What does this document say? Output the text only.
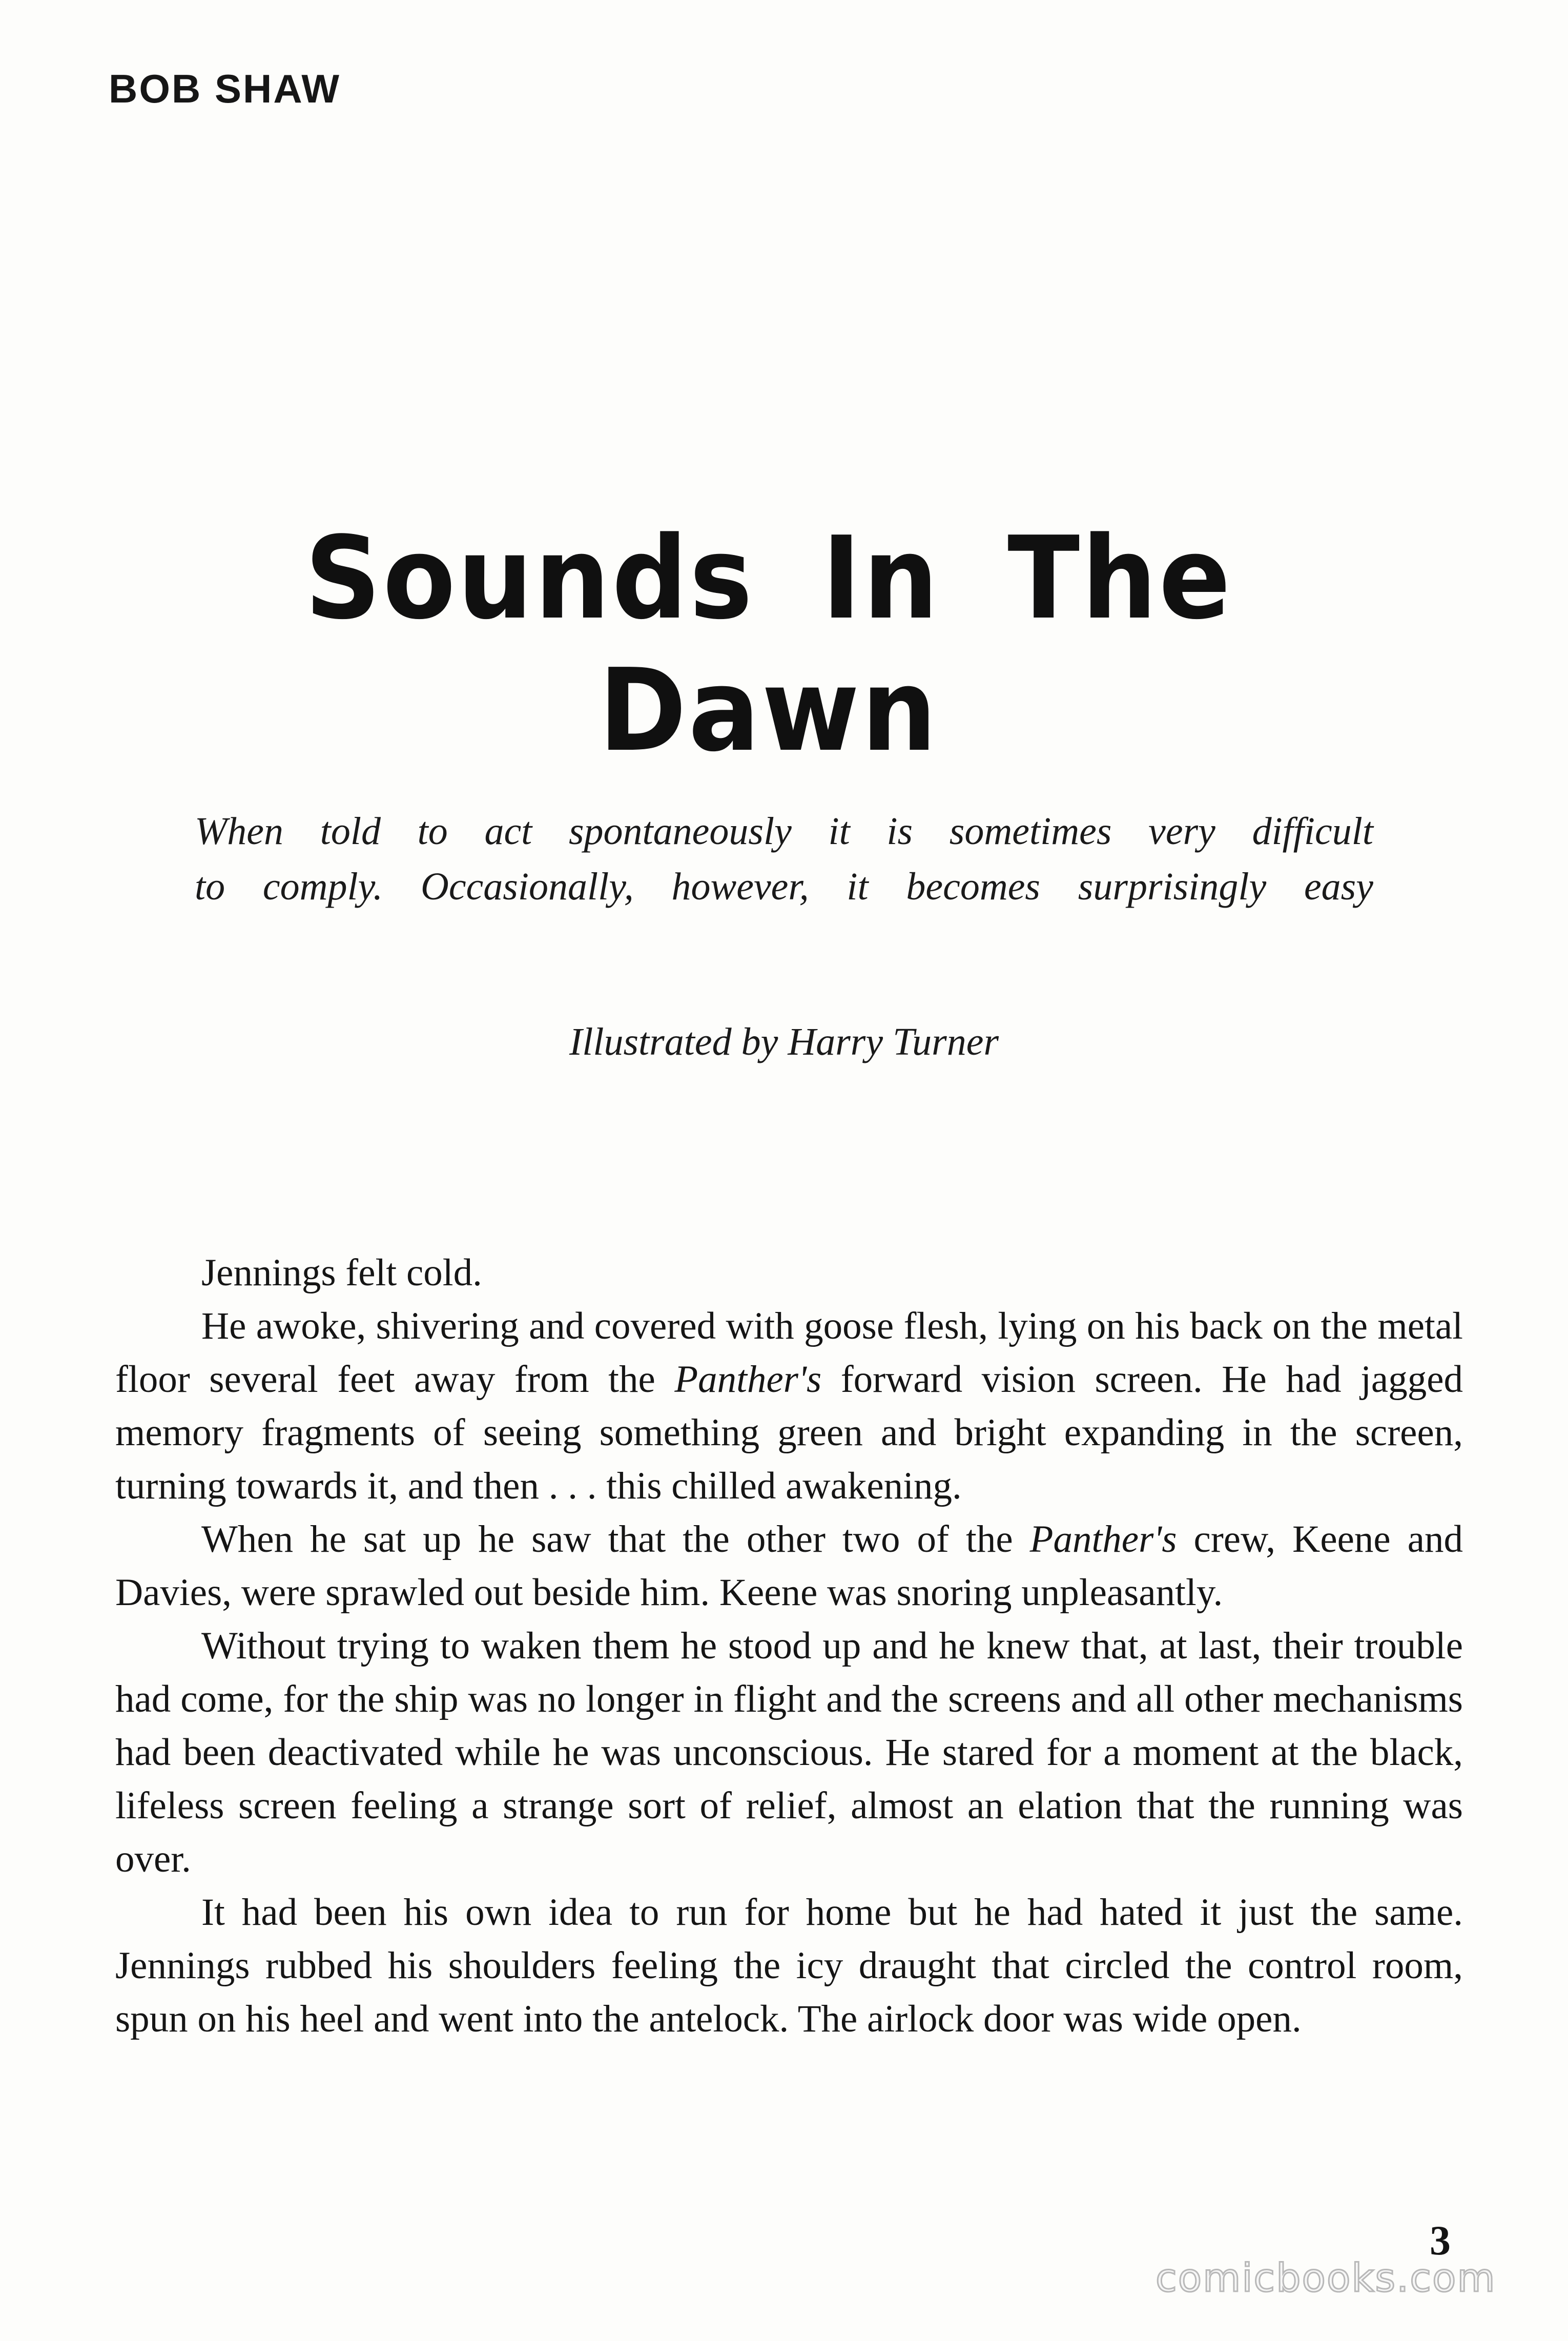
BOB SHAW
Sounds In The Dawn
When told to act spontaneously it is sometimes very difficult
to comply. Occasionally, however, it becomes surprisingly easy
Illustrated by Harry Turner

Jennings felt cold.

He awoke, shivering and covered with goose flesh, lying on his back on the metal floor several feet away from the Panther's forward vision screen. He had jagged memory fragments of seeing something green and bright expanding in the screen, turning towards it, and then . . . this chilled awakening.

When he sat up he saw that the other two of the Panther's crew, Keene and Davies, were sprawled out beside him. Keene was snoring unpleasantly.

Without trying to waken them he stood up and he knew that, at last, their trouble had come, for the ship was no longer in flight and the screens and all other mechanisms had been deactivated while he was unconscious. He stared for a moment at the black, lifeless screen feeling a strange sort of relief, almost an elation that the running was over.

It had been his own idea to run for home but he had hated it just the same. Jennings rubbed his shoulders feeling the icy draught that circled the control room, spun on his heel and went into the antelock. The airlock door was wide open.

3
comicbooks.com
